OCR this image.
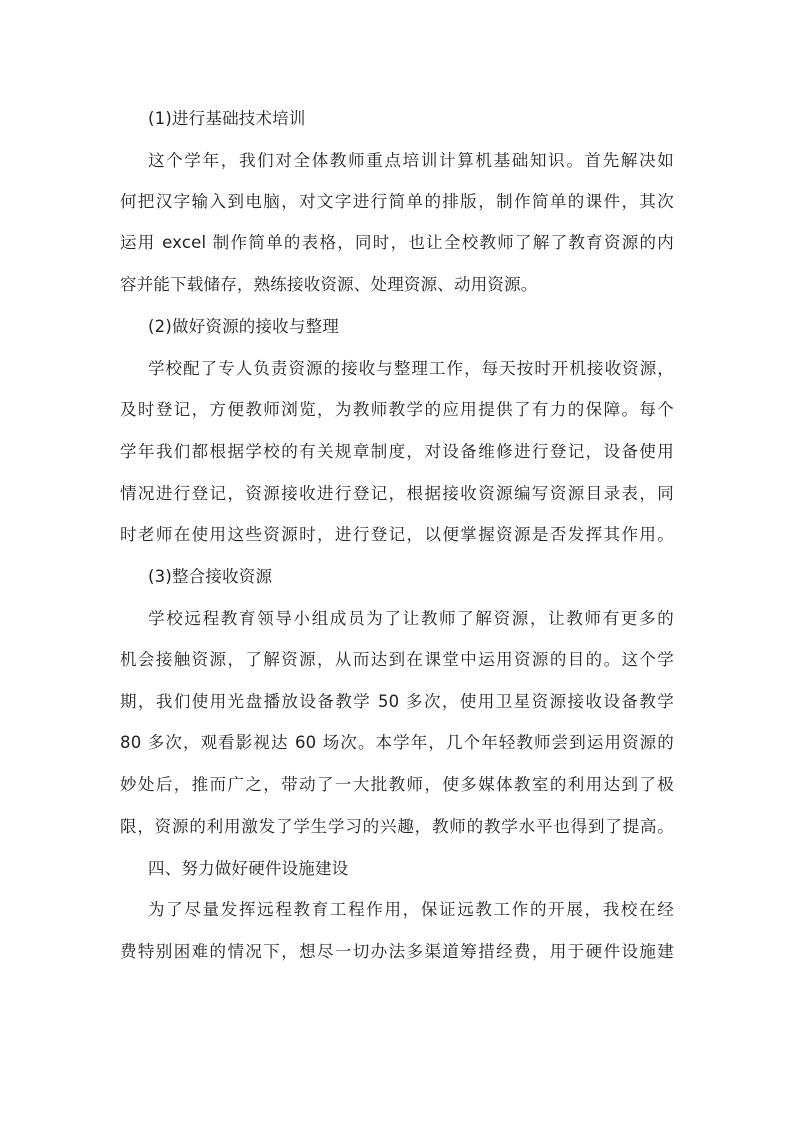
(1)进行基础技术培训
这个学年，我们对全体教师重点培训计算机基础知识。首先解决如
何把汉字输入到电脑，对文字进行简单的排版，制作简单的课件，其次
运用 excel 制作简单的表格，同时，也让全校教师了解了教育资源的内
容并能下载储存，熟练接收资源、处理资源、动用资源。
(2)做好资源的接收与整理
学校配了专人负责资源的接收与整理工作，每天按时开机接收资源，
及时登记，方便教师浏览，为教师教学的应用提供了有力的保障。每个
学年我们都根据学校的有关规章制度，对设备维修进行登记，设备使用
情况进行登记，资源接收进行登记，根据接收资源编写资源目录表，同
时老师在使用这些资源时，进行登记，以便掌握资源是否发挥其作用。
(3)整合接收资源
学校远程教育领导小组成员为了让教师了解资源，让教师有更多的
机会接触资源，了解资源，从而达到在课堂中运用资源的目的。这个学
期，我们使用光盘播放设备教学 50 多次，使用卫星资源接收设备教学
80 多次，观看影视达 60 场次。本学年，几个年轻教师尝到运用资源的
妙处后，推而广之，带动了一大批教师，使多媒体教室的利用达到了极
限，资源的利用激发了学生学习的兴趣，教师的教学水平也得到了提高。
四、努力做好硬件设施建设
为了尽量发挥远程教育工程作用，保证远教工作的开展，我校在经
费特别困难的情况下，想尽一切办法多渠道筹措经费，用于硬件设施建
